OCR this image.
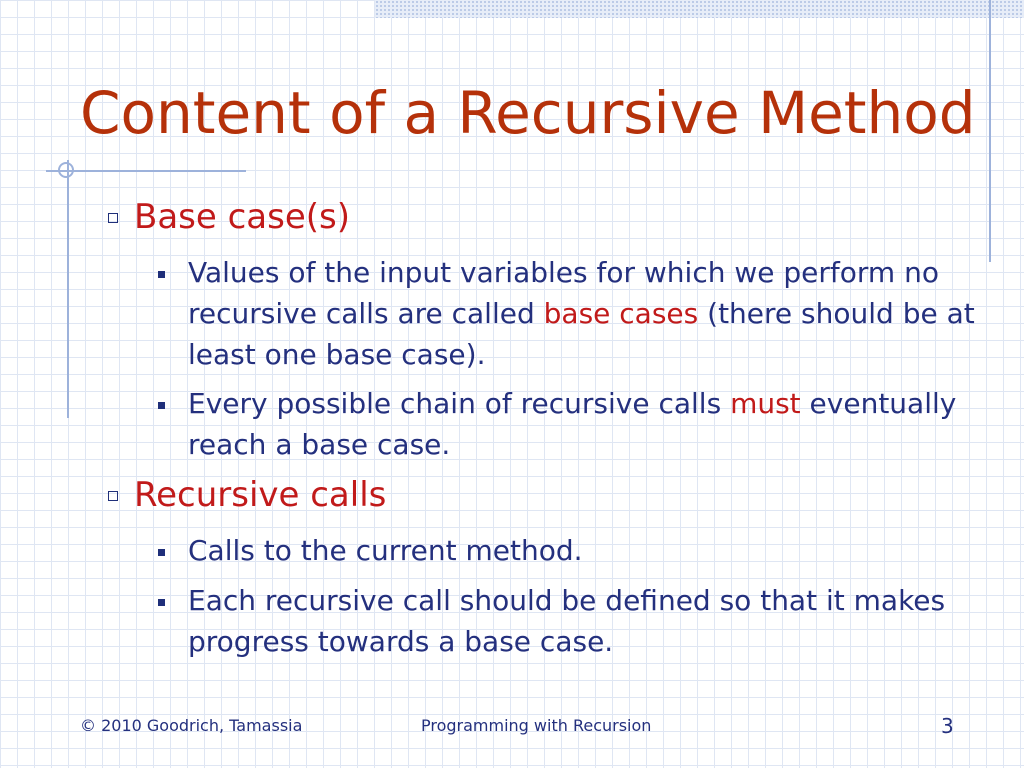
Content of a Recursive Method
Base case(s)
Values of the input variables for which we perform no recursive calls are called base cases (there should be at least one base case).
Every possible chain of recursive calls must eventually reach a base case.
Recursive calls
Calls to the current method.
Each recursive call should be defined so that it makes progress towards a base case.
© 2010 Goodrich, Tamassia	Programming with Recursion	3
